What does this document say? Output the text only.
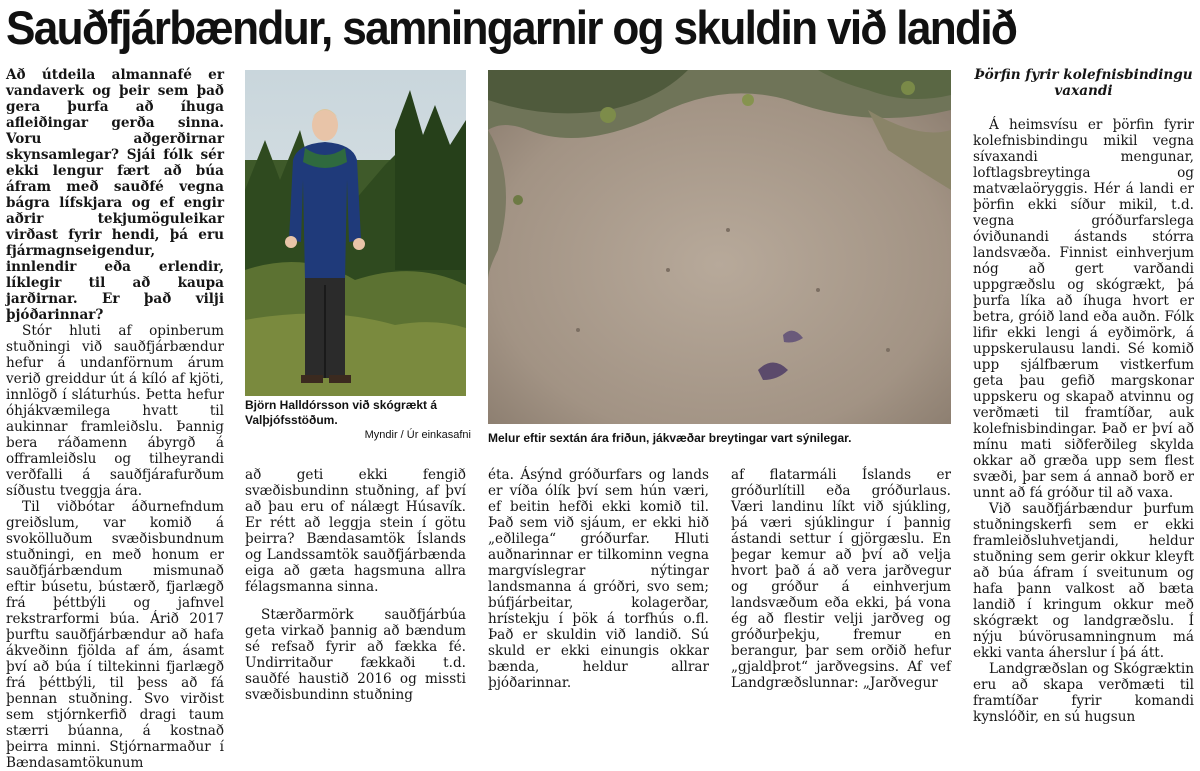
Sauðfjárbændur, samningarnir og skuldin við landið

Að útdeila almannafé er vandaverk og þeir sem það gera þurfa að íhuga afleiðingar gerða sinna. Voru aðgerðirnar skynsamlegar? Sjái fólk sér ekki lengur fært að búa áfram með sauðfé vegna bágra lífskjara og ef engir aðrir tekjumöguleikar virðast fyrir hendi, þá eru fjármagnseigendur, innlendir eða erlendir, líklegir til að kaupa jarðirnar. Er það vilji þjóðarinnar?

Stór hluti af opinberum stuðningi við sauðfjárbændur hefur á undanförnum árum verið greiddur út á kíló af kjöti, innlögð í sláturhús. Þetta hefur óhjákvæmilega hvatt til aukinnar framleiðslu. Þannig bera ráðamenn ábyrgð á offramleiðslu og tilheyrandi verðfalli á sauðfjárafurðum síðustu tveggja ára.

Til viðbótar áðurnefndum greiðslum, var komið á svokölluðum svæðisbundnum stuðningi, en með honum er sauðfjárbændum mismunað eftir búsetu, bústærð, fjarlægð frá þéttbýli og jafnvel rekstrarformi búa. Árið 2017 þurftu sauðfjárbændur að hafa ákveðinn fjölda af ám, ásamt því að búa í tiltekinni fjarlægð frá þéttbýli, til þess að fá þennan stuðning. Svo virðist sem stjórnkerfið dragi taum stærri búanna, á kostnað þeirra minni. Stjórnarmaður í Bændasamtökunum

Björn Halldórsson við skógrækt á Valþjófsstöðum.
Myndir / Úr einkasafni Melur eftir sextán ára friðun, jákvæðar breytingar vart sýnilegar.

að geti ekki fengið svæðisbundinn stuðning, af því að þau eru of nálægt Húsavík. Er rétt að leggja stein í götu þeirra? Bændasamtök Íslands og Landssamtök sauðfjárbænda eiga að gæta hagsmuna allra félagsmanna sinna.

Stærðarmörk sauðfjárbúa geta virkað þannig að bændum sé refsað fyrir að fækka fé. Undirritaður fækkaði t.d. sauðfé haustið 2016 og missti svæðisbundinn stuðning

éta. Ásýnd gróðurfars og lands er víða ólík því sem hún væri, ef beitin hefði ekki komið til. Það sem við sjáum, er ekki hið „eðlilega“ gróðurfar. Hluti auðnarinnar er tilkominn vegna margvíslegrar nýtingar landsmanna á gróðri, svo sem; búfjárbeitar, kolagerðar, hrístekju í þök á torfhús o.fl. Það er skuldin við landið. Sú skuld er ekki einungis okkar bænda, heldur allrar þjóðarinnar.

af flatarmáli Íslands er gróðurlítill eða gróðurlaus. Væri landinu líkt við sjúkling, þá væri sjúklingur í þannig ástandi settur í gjörgæslu. En þegar kemur að því að velja hvort það á að vera jarðvegur og gróður á einhverjum landsvæðum eða ekki, þá vona ég að flestir velji jarðveg og gróðurþekju, fremur en berangur, þar sem orðið hefur „gjaldþrot“ jarðvegsins. Af vef Landgræðslunnar: „Jarðvegur

Þörfin fyrir kolefnisbindingu vaxandi

Á heimsvísu er þörfin fyrir kolefnisbindingu mikil vegna sívaxandi mengunar, loftlagsbreytinga og matvælaöryggis. Hér á landi er þörfin ekki síður mikil, t.d. vegna gróðurfarslega óviðunandi ástands stórra landsvæða. Finnist einhverjum nóg að gert varðandi uppgræðslu og skógrækt, þá þurfa líka að íhuga hvort er betra, gróið land eða auðn. Fólk lifir ekki lengi á eyðimörk, á uppskerulausu landi. Sé komið upp sjálfbærum vistkerfum geta þau gefið margskonar uppskeru og skapað atvinnu og verðmæti til framtíðar, auk kolefnisbindingar. Það er því að mínu mati siðferðileg skylda okkar að græða upp sem flest svæði, þar sem á annað borð er unnt að fá gróður til að vaxa.

Við sauðfjárbændur þurfum stuðningskerfi sem er ekki framleiðsluhvetjandi, heldur stuðning sem gerir okkur kleyft að búa áfram í sveitunum og hafa þann valkost að bæta landið í kringum okkur með skógrækt og landgræðslu. Í nýju búvörusamningnum má ekki vanta áherslur í þá átt.

Landgræðslan og Skógræktin eru að skapa verðmæti til framtíðar fyrir komandi kynslóðir, en sú hugsun
